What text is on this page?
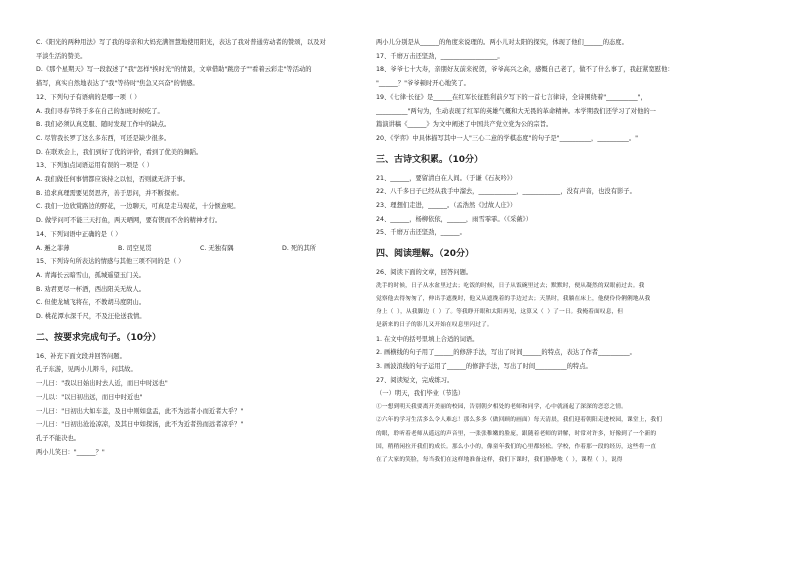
C.《阳光的两种用法》写了我的母亲和大妈充满智慧地使用阳光，表达了我对普通劳动者的赞颂，以及对
平淡生活的赞美。
D.《那个星期天》写一段叙述了"我"怎样"挨时光"的情景，文章借助"跳房子""看着云彩走"等活动的
描写，真实自然地表达了"我"等待时"焦急又兴奋"的情感。
12、下列句子有语病的是哪一项（ ）
A. 我们寻春节终于多在自己的加班时候吃了。
B. 我们必须认真克服、随时发现工作中的缺点。
C. 尽管我长罗了这么多东西，可还是缺少很多。
D. 在联欢会上，我们到好了优的评价，看到了优美的舞蹈。
13、下列加点词语运用有误的一项是（ ）
A. 我们做任何事情都应该持之以恒，否则就无济于事。
B. 追求真理需要见贤思齐，善于思问，并不断探索。
C. 我们一边欣赏路边的野花，一边聊天，可真是走马观花，十分惬意呢。
D. 做学问可不能三天打鱼，两天晒网，要有锲而不舍的精神才行。
14、下列词语中正确的是（ ）
A. 邂之菲薄	B. 司空见贯	C. 无独有隅	D. 死的其所
15、下列诗句所表达的情感与其他三项不同的是（ ）
A. 青海长云暗雪山，孤城遥望玉门关。
B. 劝君更尽一杯酒，西出阳关无故人。
C. 但使龙城飞将在，不教胡马度阴山。
D. 桃花潭水深千尺，不及汪伦送我情。
二、按要求完成句子。（10分）
16、补充下面文段并回答问题。
孔子东游，见两小儿辩斗，问其故。
一儿曰："我以日始出时去人近，而日中时远也"
一儿以："以日初出远，而日中时近也"
一儿曰："日初出大如车盖，及日中则如盘盂，此不为远者小而近者大乎？"
一儿曰："日初出沧沧凉凉，及其日中如探汤，此不为近者热而远者凉乎？"
孔子不能决也。
两小儿笑曰："______？"
两小儿分别是从______的角度来说理的。两小儿对太阳的探究，体现了他们______的态度。
17、千磨万击还坚劲，__________________。
18、爷爷七十大寿，亲朋好友前来祝贺，爷爷高兴之余，感慨自己老了，做不了什么事了，我赶紧宽慰他：
"______？"爷爷顿时开心地笑了。
19、《七律·长征》是______在红军长征胜利前夕写下的一首七言律诗，全诗围绕着"__________"，
__________"两句为，生动表现了红军的英雄气概和大无畏的革命精神。本学期我们还学习了对他的一
篇演讲稿《______》为文中阐述了中国共产党立党为公的宗旨。
20、《学弈》中具体描写其中一人"三心二意的学棋态度"的句子是"__________，__________。"
三、古诗文积累。（10分）
21、______，要留清白在人间。（于谦《石灰吟》）
22、八千多日子已经从我手中溜去，____________，____________，没有声音，也没有影子。
23、理想们走进，______。（孟浩然《过故人庄》）
24、______，杨柳依依，______，雨雪霏霏。（《采薇》）
25、千磨万击还坚劲，______。
四、阅读理解。（20分）
26、阅读下面的文章，回答问题。
洗手的时候，日子从水盆里过去；吃饭的时候，日子从饭碗里过去；默默时，便从凝然的双眼前过去。我
觉察他去得匆匆了，伸出手遮挽时，他又从遮挽着的手边过去；天黑时，我躺在床上，他便伶伶俐俐地从我
身上（ ），从我脚边（ ）了。等我睁开眼和太阳再见，这算又（ ）了一日。我掩着面叹息，但
是新来的日子的影儿又开始在叹息里闪过了。
1. 在文中的括号里填上合适的词语。
2. 画横线的句子用了______的修辞手法，写出了时间______的特点，表达了作者__________。
3. 画波浪线的句子运用了______的修辞手法，写出了时间__________的特点。
27、阅读短文，完成练习。
（一）明天，我们毕业（节选）
①一想到明天我要离开美丽的校园，告别朝夕相处的老师和同学，心中就涌起了深深的恋恋之情。
②六年的学习生活多么令人难忘！那么多多（做回顾的画面）每天清晨，我们迎着朝阳走进校园，课堂上，我们
的眼，聆听着老师从遥远的声音里，一张张稚嫩的脸庞，跟随着老师的讲解，时常对许多，好像到了一个新的
国，稍稍闲拉开我们的成长。那么小小的，像童年我们的心里都轻松。学校，作着那一段的经历，这些将一直
在了大家的笑脸，每当我们在这样地准备这样，我们下课时，我们静静地（ ），课程（ ），说得
